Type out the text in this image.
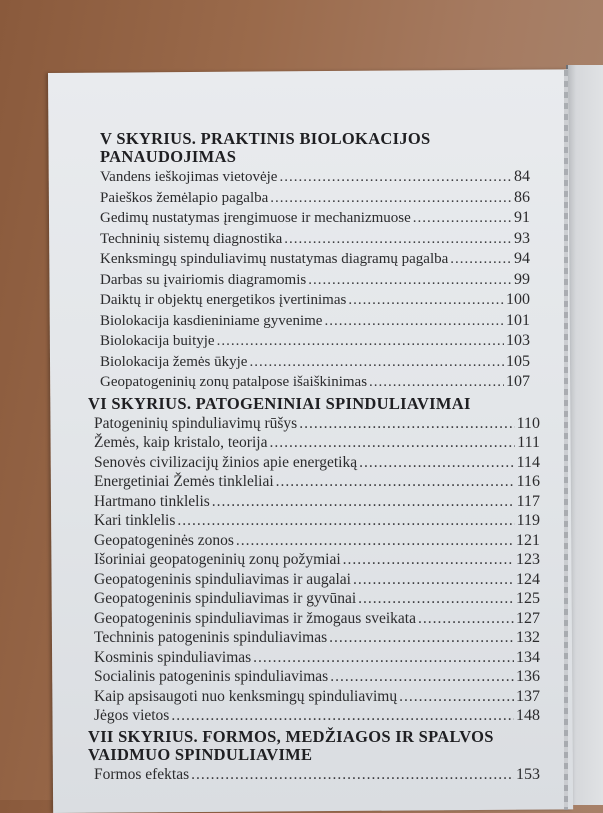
V SKYRIUS. PRAKTINIS BIOLOKACIJOS
PANAUDOJIMAS
Vandens ieškojimas vietovėje .....	84
Paieškos žemėlapio pagalba .....	86
Gedimų nustatymas įrengimuose ir mechanizmuose .....	91
Techninių sistemų diagnostika .....	93
Kenksmingų spinduliavimų nustatymas diagramų pagalba .....	94
Darbas su įvairiomis diagramomis .....	99
Daiktų ir objektų energetikos įvertinimas .....	100
Biolokacija kasdieniniame gyvenime .....	101
Biolokacija buityje .....	103
Biolokacija žemės ūkyje .....	105
Geopatogeninių zonų patalpose išaiškinimas .....	107
VI SKYRIUS. PATOGENINIAI SPINDULIAVIMAI
Patogeninių spinduliavimų rūšys .....	110
Žemės, kaip kristalo, teorija .....	111
Senovės civilizacijų žinios apie energetiką .....	114
Energetiniai Žemės tinkleliai .....	116
Hartmano tinklelis .....	117
Kari tinklelis .....	119
Geopatogeninės zonos .....	121
Išoriniai geopatogeninių zonų požymiai .....	123
Geopatogeninis spinduliavimas ir augalai .....	124
Geopatogeninis spinduliavimas ir gyvūnai .....	125
Geopatogeninis spinduliavimas ir žmogaus sveikata .....	127
Techninis patogeninis spinduliavimas .....	132
Kosminis spinduliavimas .....	134
Socialinis patogeninis spinduliavimas .....	136
Kaip apsisaugoti nuo kenksmingų spinduliavimų .....	137
Jėgos vietos .....	148
VII SKYRIUS. FORMOS, MEDŽIAGOS IR SPALVOS
VAIDMUO SPINDULIAVIME
Formos efektas .....	153
